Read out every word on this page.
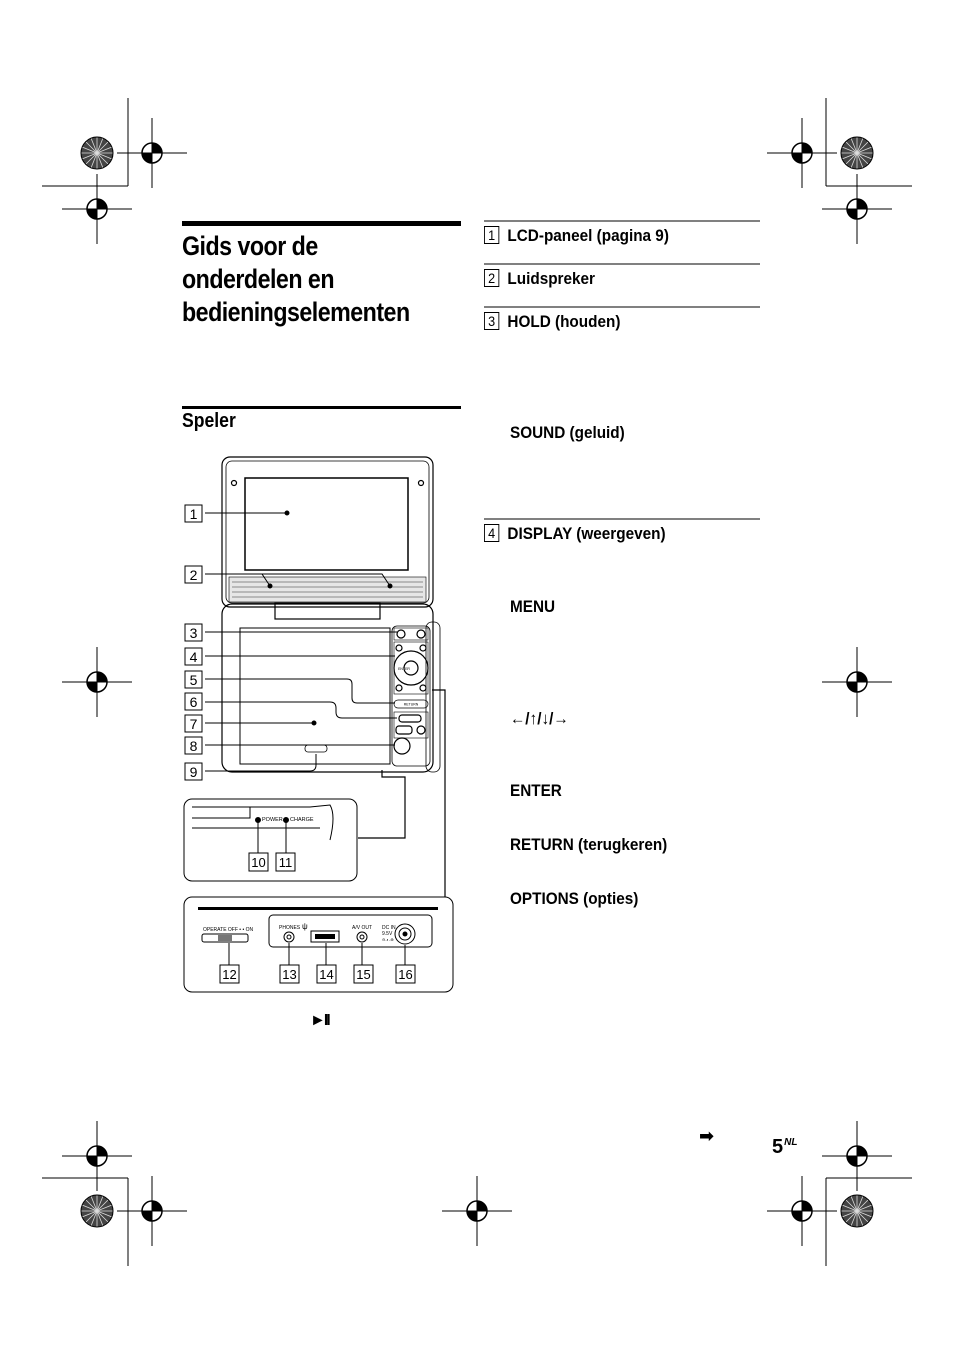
1
2
3
4
5
6
7
8
9
10 11
12	13 14 15 16
POWER CHARGE
OPERATE OFF • • ON	PHONES ψ	A/V OUT DC IN
9.5V
⊖-◐-⊕
ENTER
RETURN
Gids voor de
onderdelen en
bedieningselementen
Speler
1 LCD-paneel (pagina 9)
2 Luidspreker
3 HOLD (houden)
SOUND (geluid)
4 DISPLAY (weergeven)
MENU
←/↑/↓/→
ENTER
RETURN (terugkeren)
OPTIONS (opties)
►II
➡	$5^{NL}$
